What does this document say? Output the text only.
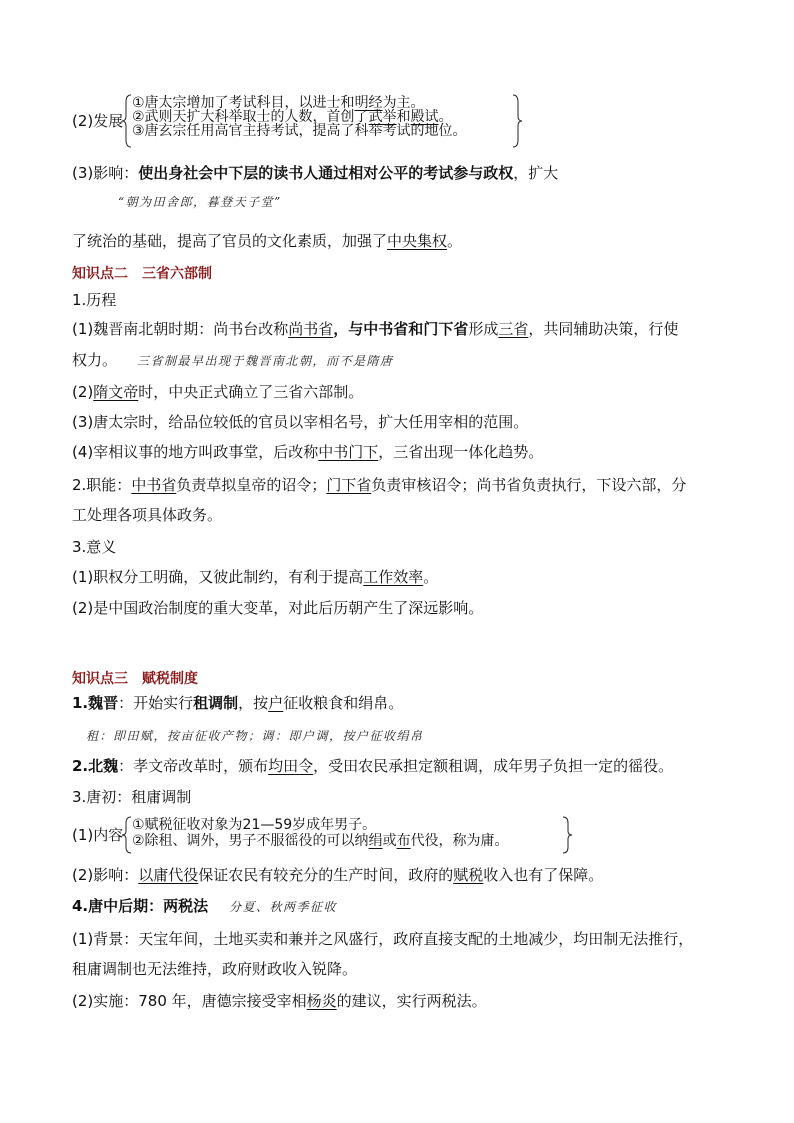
(2)发展
①唐太宗增加了考试科目，以进士和明经为主。
②武则天扩大科举取士的人数，首创了武举和殿试。
③唐玄宗任用高官主持考试，提高了科举考试的地位。
(3)影响：使出身社会中下层的读书人通过相对公平的考试参与政权，扩大
“朝为田舍郎，暮登天子堂”
了统治的基础，提高了官员的文化素质，加强了中央集权。
知识点二 三省六部制
1.历程
(1)魏晋南北朝时期：尚书台改称尚书省，与中书省和门下省形成三省，共同辅助决策，行使
权力。 三省制最早出现于魏晋南北朝，而不是隋唐
(2)隋文帝时，中央正式确立了三省六部制。
(3)唐太宗时，给品位较低的官员以宰相名号，扩大任用宰相的范围。
(4)宰相议事的地方叫政事堂，后改称中书门下，三省出现一体化趋势。
2.职能：中书省负责草拟皇帝的诏令；门下省负责审核诏令；尚书省负责执行，下设六部，分
工处理各项具体政务。
3.意义
(1)职权分工明确，又彼此制约，有利于提高工作效率。
(2)是中国政治制度的重大变革，对此后历朝产生了深远影响。
知识点三 赋税制度
1.魏晋：开始实行租调制，按户征收粮食和绢帛。
租：即田赋，按亩征收产物；调：即户调，按户征收绢帛
2.北魏：孝文帝改革时，颁布均田令，受田农民承担定额租调，成年男子负担一定的徭役。
3.唐初：租庸调制
(1)内容
①赋税征收对象为21—59岁成年男子。
②除租、调外，男子不服徭役的可以纳绢或布代役，称为庸。
(2)影响：以庸代役保证农民有较充分的生产时间，政府的赋税收入也有了保障。
4.唐中后期：两税法 分夏、秋两季征收
(1)背景：天宝年间，土地买卖和兼并之风盛行，政府直接支配的土地减少，均田制无法推行，
租庸调制也无法维持，政府财政收入锐降。
(2)实施：780 年，唐德宗接受宰相杨炎的建议，实行两税法。
